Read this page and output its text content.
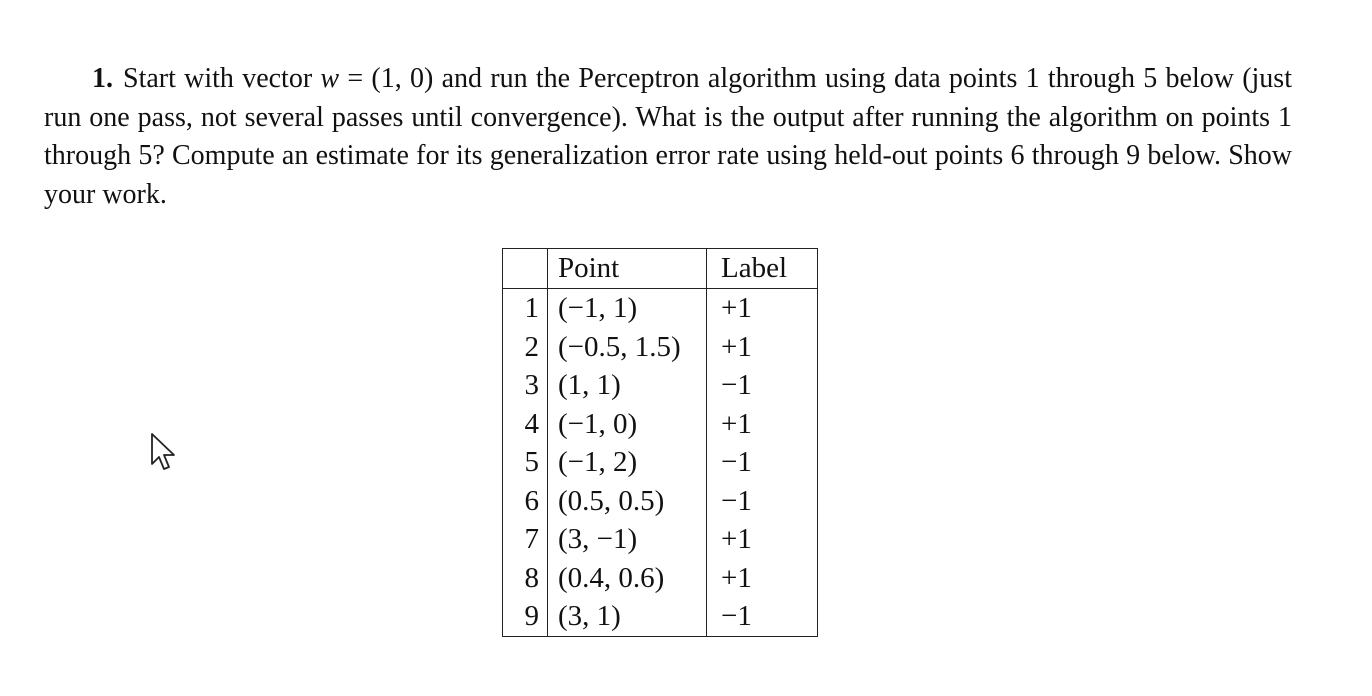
1. Start with vector w = (1, 0) and run the Perceptron algorithm using data points 1 through 5 below (just run one pass, not several passes until convergence). What is the output after running the algorithm on points 1 through 5? Compute an estimate for its generalization error rate using held-out points 6 through 9 below. Show your work.
	Point	Label
1	(−1, 1)	+1
2	(−0.5, 1.5)	+1
3	(1, 1)	−1
4	(−1, 0)	+1
5	(−1, 2)	−1
6	(0.5, 0.5)	−1
7	(3, −1)	+1
8	(0.4, 0.6)	+1
9	(3, 1)	−1
